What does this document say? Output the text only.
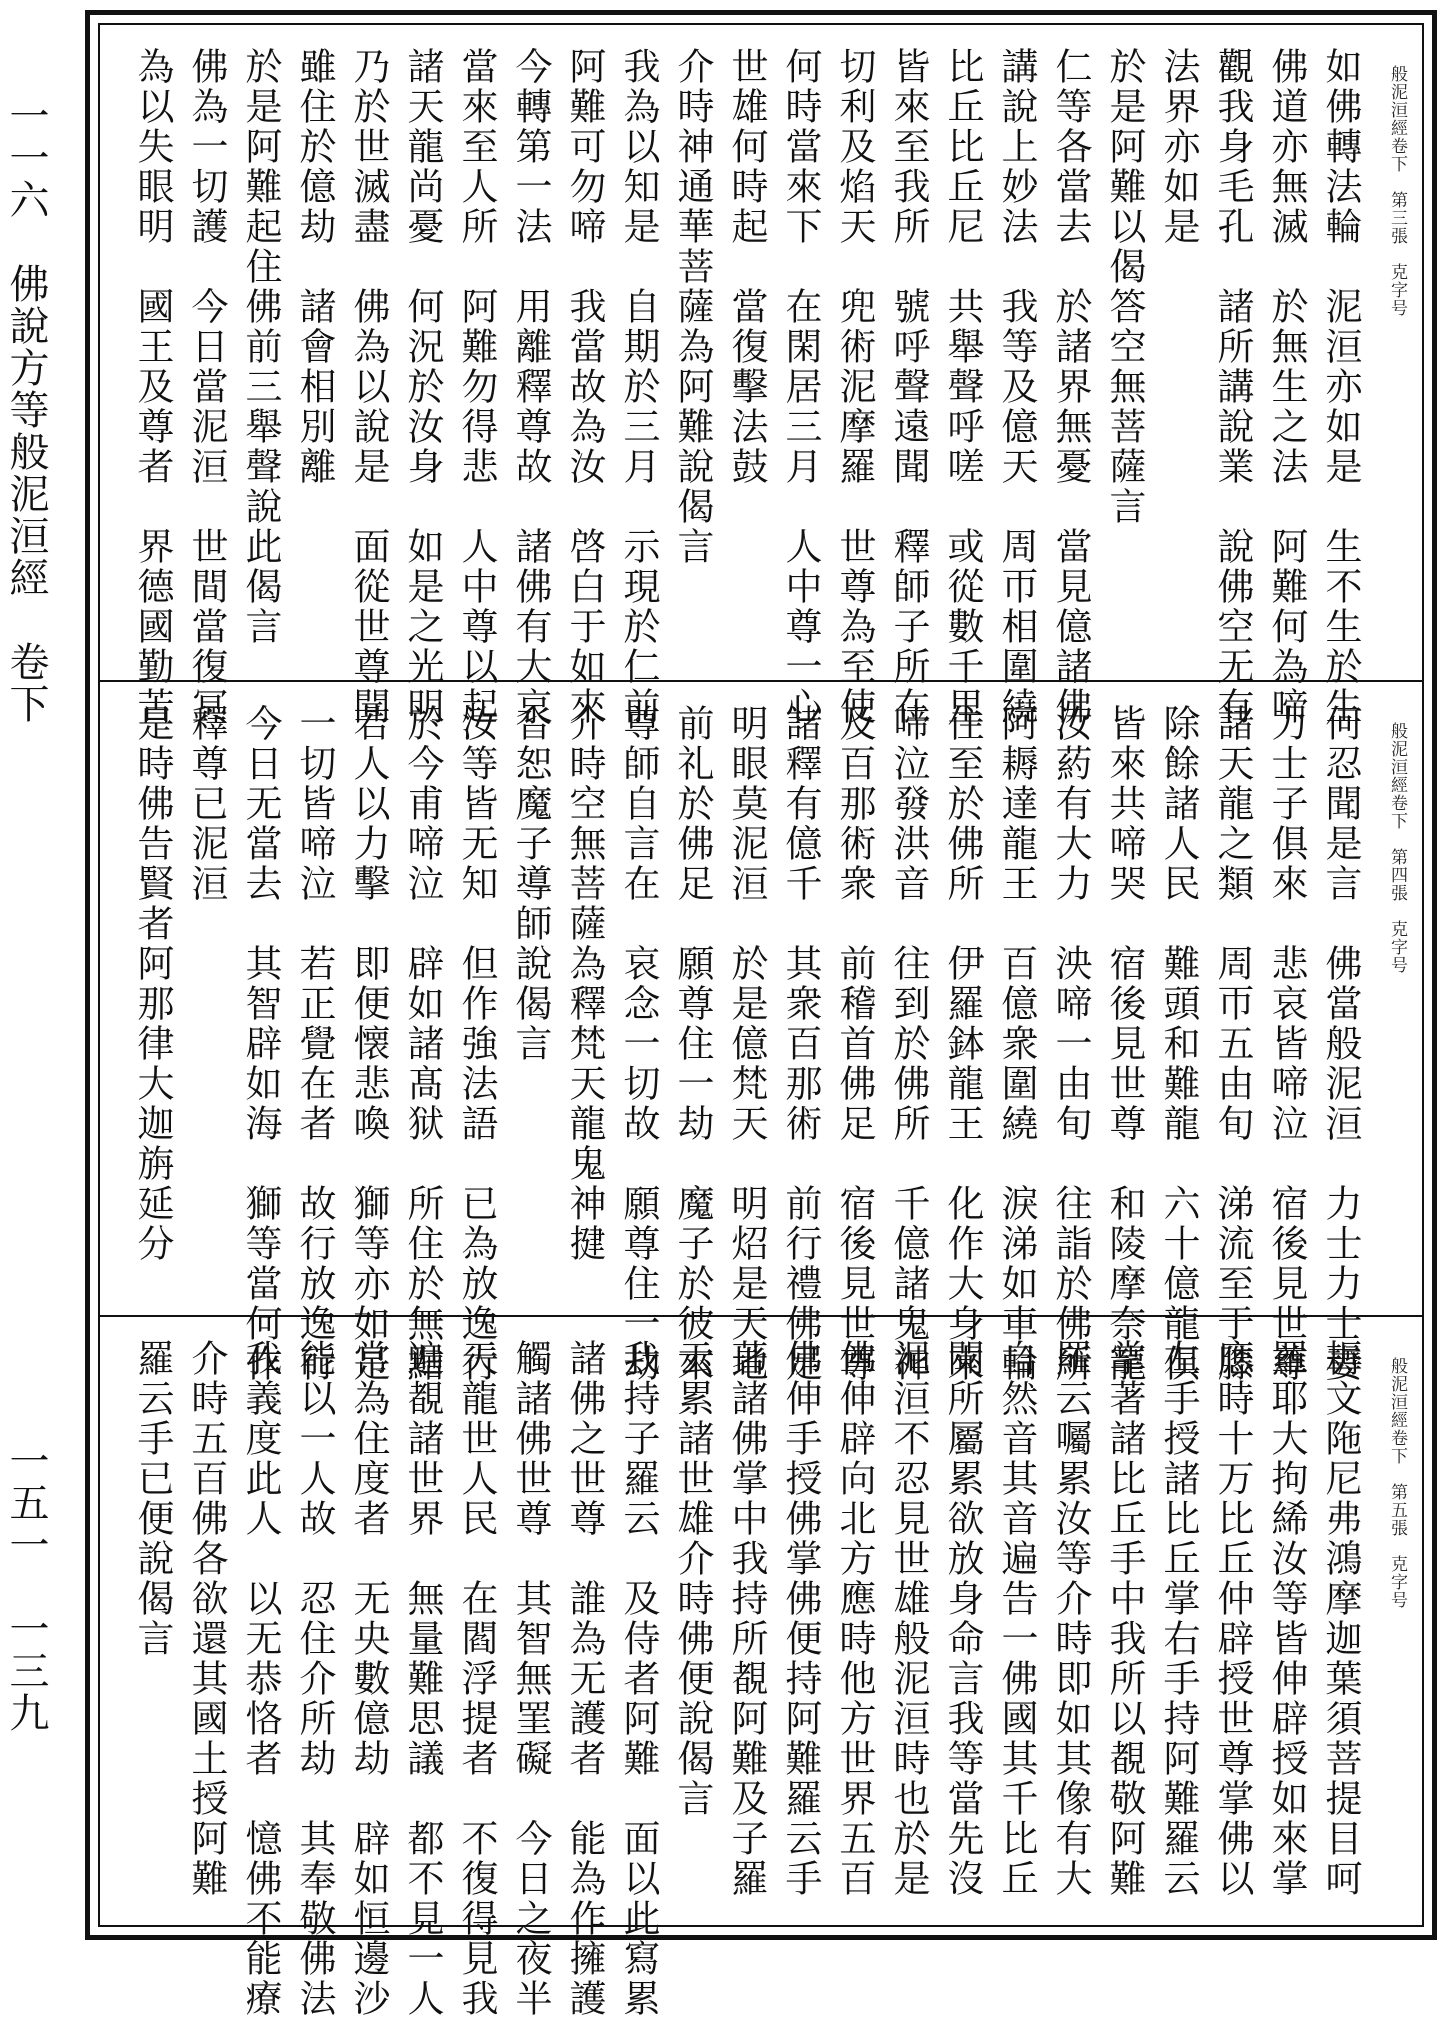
一一六　佛說方等般泥洹經　卷下
一五一　一三九
般泥洹經卷下　第三張　克字号
如佛轉法輪　泥洹亦如是　生不生於生
佛道亦無滅　於無生之法　阿難何為啼
觀我身毛孔　諸所講說業　說佛空无有
法界亦如是
於是阿難以偈答空無菩薩言
仁等各當去　於諸界無憂　當見億諸佛
講說上妙法　我等及億天　周帀相圍繞
比丘比丘尼　共舉聲呼嗟　或從數千里
皆來至我所　號呼聲遠聞　釋師子所在
切利及焰天　兜術泥摩羅　世尊為至使
何時當來下　在閑居三月　人中尊一心
世雄何時起　當復擊法鼓
介時神通華菩薩為阿難說偈言
我為以知是　自期於三月　示現於仁前
阿難可勿啼　我當故為汝　啓白于如來
今轉第一法　用離釋尊故　諸佛有大哀
當來至人所　阿難勿得悲　人中尊以起
諸天龍尚憂　何況於汝身　如是之光明
乃於世滅盡　佛為以說是　面從世尊聞
雖住於億劫　諸會相別離
於是阿難起住佛前三舉聲說此偈言
佛為一切護　今日當泥洹　世間當復冥
為以失眼明　國王及尊者　界德國勤苦
般泥洹經卷下　第四張　克字号
何忍聞是言　佛當般泥洹　力士力士妻
力士子俱來　悲哀皆啼泣　宿後見世尊
諸天龍之類　周帀五由旬　涕流至于膝
除餘諸人民　難頭和難龍　六十億龍俱
皆來共啼哭　宿後見世尊　和陵摩奈龍
汝葯有大力　泱啼一由旬　往詣於佛所
阿耨達龍王　百億衆圍繞　淚涕如車輪
住至於佛所　伊羅鉢龍王　化作大身來
啼泣發洪音　往到於佛所　千億諸鬼神
及百那術衆　前稽首佛足　宿後見世尊
諸釋有億千　其衆百那術　前行禮佛足
明眼莫泥洹　於是億梵天　明炤是天地
前礼於佛足　願尊住一劫　魔子於彼來
尊師自言在　哀念一切故　願尊住一劫
介時空無菩薩為釋梵天龍鬼神揵
沓恕魔子導師說偈言
汝等皆无知　但作強法語　已為放逸行
於今甫啼泣　辟如諸髙狱　所住於無黠
若人以力擊　即便懐悲喚　獅等亦如是
一切皆啼泣　若正覺在者　故行放逸行
今日无當去　其智辟如海　獅等當何作
釋尊已泥洹
是時佛告賢者阿那律大迦旃延分
般泥洹經卷下　第五張　克字号
耨文陁尼弗鴻摩迦葉須菩提目呵
羅耶大拘絺汝等皆伸辟授如來掌
應時十万比丘仲辟授世尊掌佛以
左手授諸比丘掌右手持阿難羅云
掌著諸比丘手中我所以覩敬阿難
羅云囑累汝等介時即如其像有大
自然音其音遍告一佛國其千比丘
聞所屬累欲放身命言我等當先沒
泥洹不忍見世雄般泥洹時也於是
佛伸辟向北方應時他方世界五百
佛伸手授佛掌佛便持阿難羅云手
著諸佛掌中我持所覩阿難及子羅
云累諸世雄介時佛便說偈言
我持子羅云　及侍者阿難　面以此寫累
諸佛之世尊　誰為无護者　能為作擁護
觸諸佛世尊　其智無罣礙　今日之夜半
天龍世人民　在閻浮提者　不復得見我
遍覩諸世界　無量難思議　都不見一人
常為住度者　无央數億劫　辟如恒邊沙
能以一人故　忍住介所劫　其奉敬佛法
我義度此人　以无恭恪者　憶佛不能療
介時五百佛各欲還其國土授阿難
羅云手已便說偈言
